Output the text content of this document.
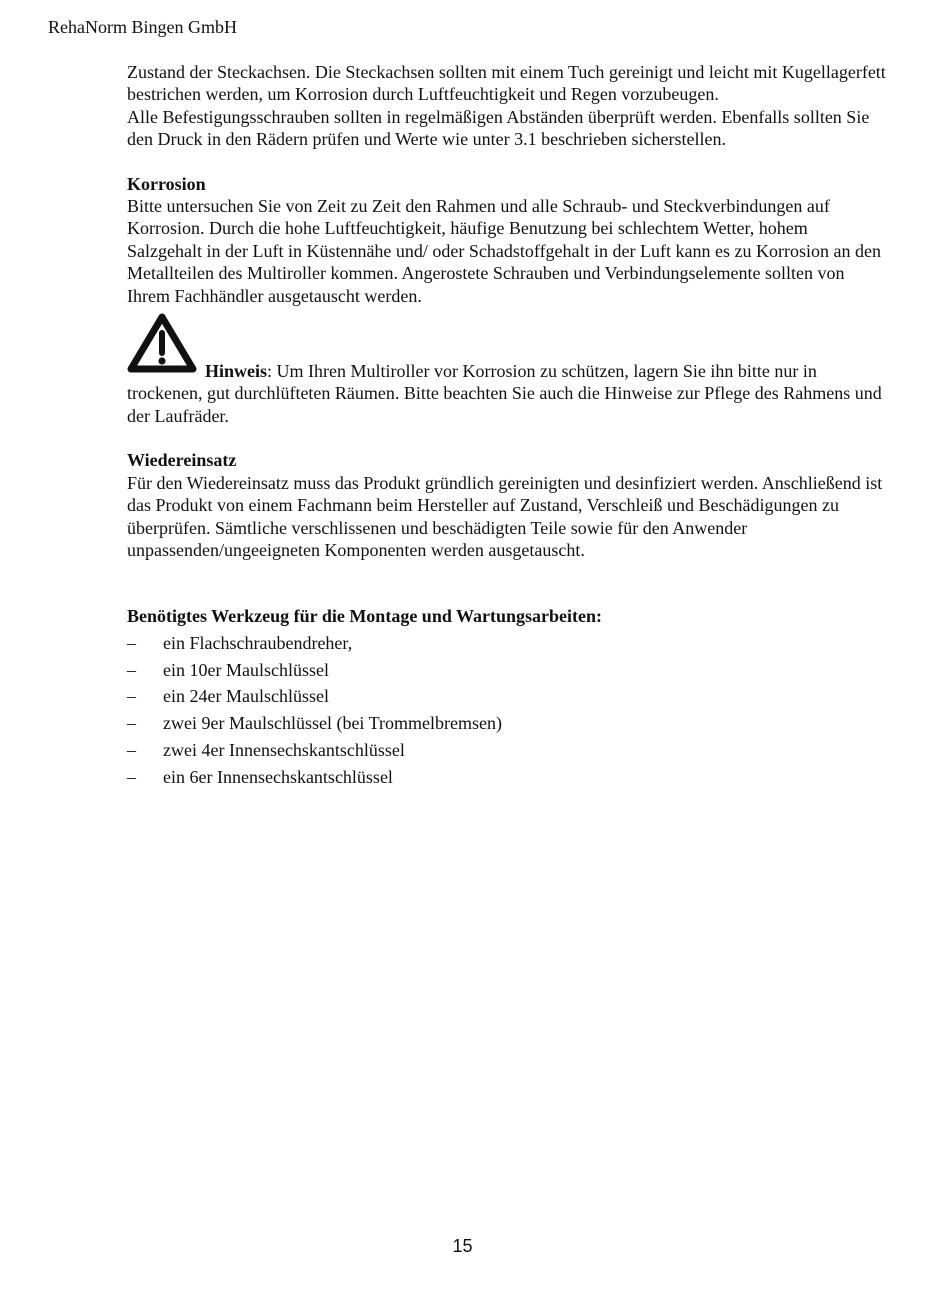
RehaNorm Bingen GmbH

Zustand der Steckachsen. Die Steckachsen sollten mit einem Tuch gereinigt und leicht mit Kugellagerfett bestrichen werden, um Korrosion durch Luftfeuchtigkeit und Regen vorzubeugen.

Alle Befestigungsschrauben sollten in regelmäßigen Abständen überprüft werden. Ebenfalls sollten Sie den Druck in den Rädern prüfen und Werte wie unter 3.1 beschrieben sicherstellen.

Korrosion

Bitte untersuchen Sie von Zeit zu Zeit den Rahmen und alle Schraub- und Steckverbindungen auf Korrosion. Durch die hohe Luftfeuchtigkeit, häufige Benutzung bei schlechtem Wetter, hohem Salzgehalt in der Luft in Küstennähe und/ oder Schadstoffgehalt in der Luft kann es zu Korrosion an den Metallteilen des Multiroller kommen. Angerostete Schrauben und Verbindungselemente sollten von Ihrem Fachhändler ausgetauscht werden.

Hinweis: Um Ihren Multiroller vor Korrosion zu schützen, lagern Sie ihn bitte nur in trockenen, gut durchlüfteten Räumen. Bitte beachten Sie auch die Hinweise zur Pflege des Rahmens und der Laufräder.

Wiedereinsatz

Für den Wiedereinsatz muss das Produkt gründlich gereinigten und desinfiziert werden. Anschließend ist das Produkt von einem Fachmann beim Hersteller auf Zustand, Verschleiß und Beschädigungen zu überprüfen. Sämtliche verschlissenen und beschädigten Teile sowie für den Anwender unpassenden/ungeeigneten Komponenten werden ausgetauscht.

Benötigtes Werkzeug für die Montage und Wartungsarbeiten:

– ein Flachschraubendreher,
– ein 10er Maulschlüssel
– ein 24er Maulschlüssel
– zwei 9er Maulschlüssel (bei Trommelbremsen)
– zwei 4er Innensechskantschlüssel
– ein 6er Innensechskantschlüssel
15
